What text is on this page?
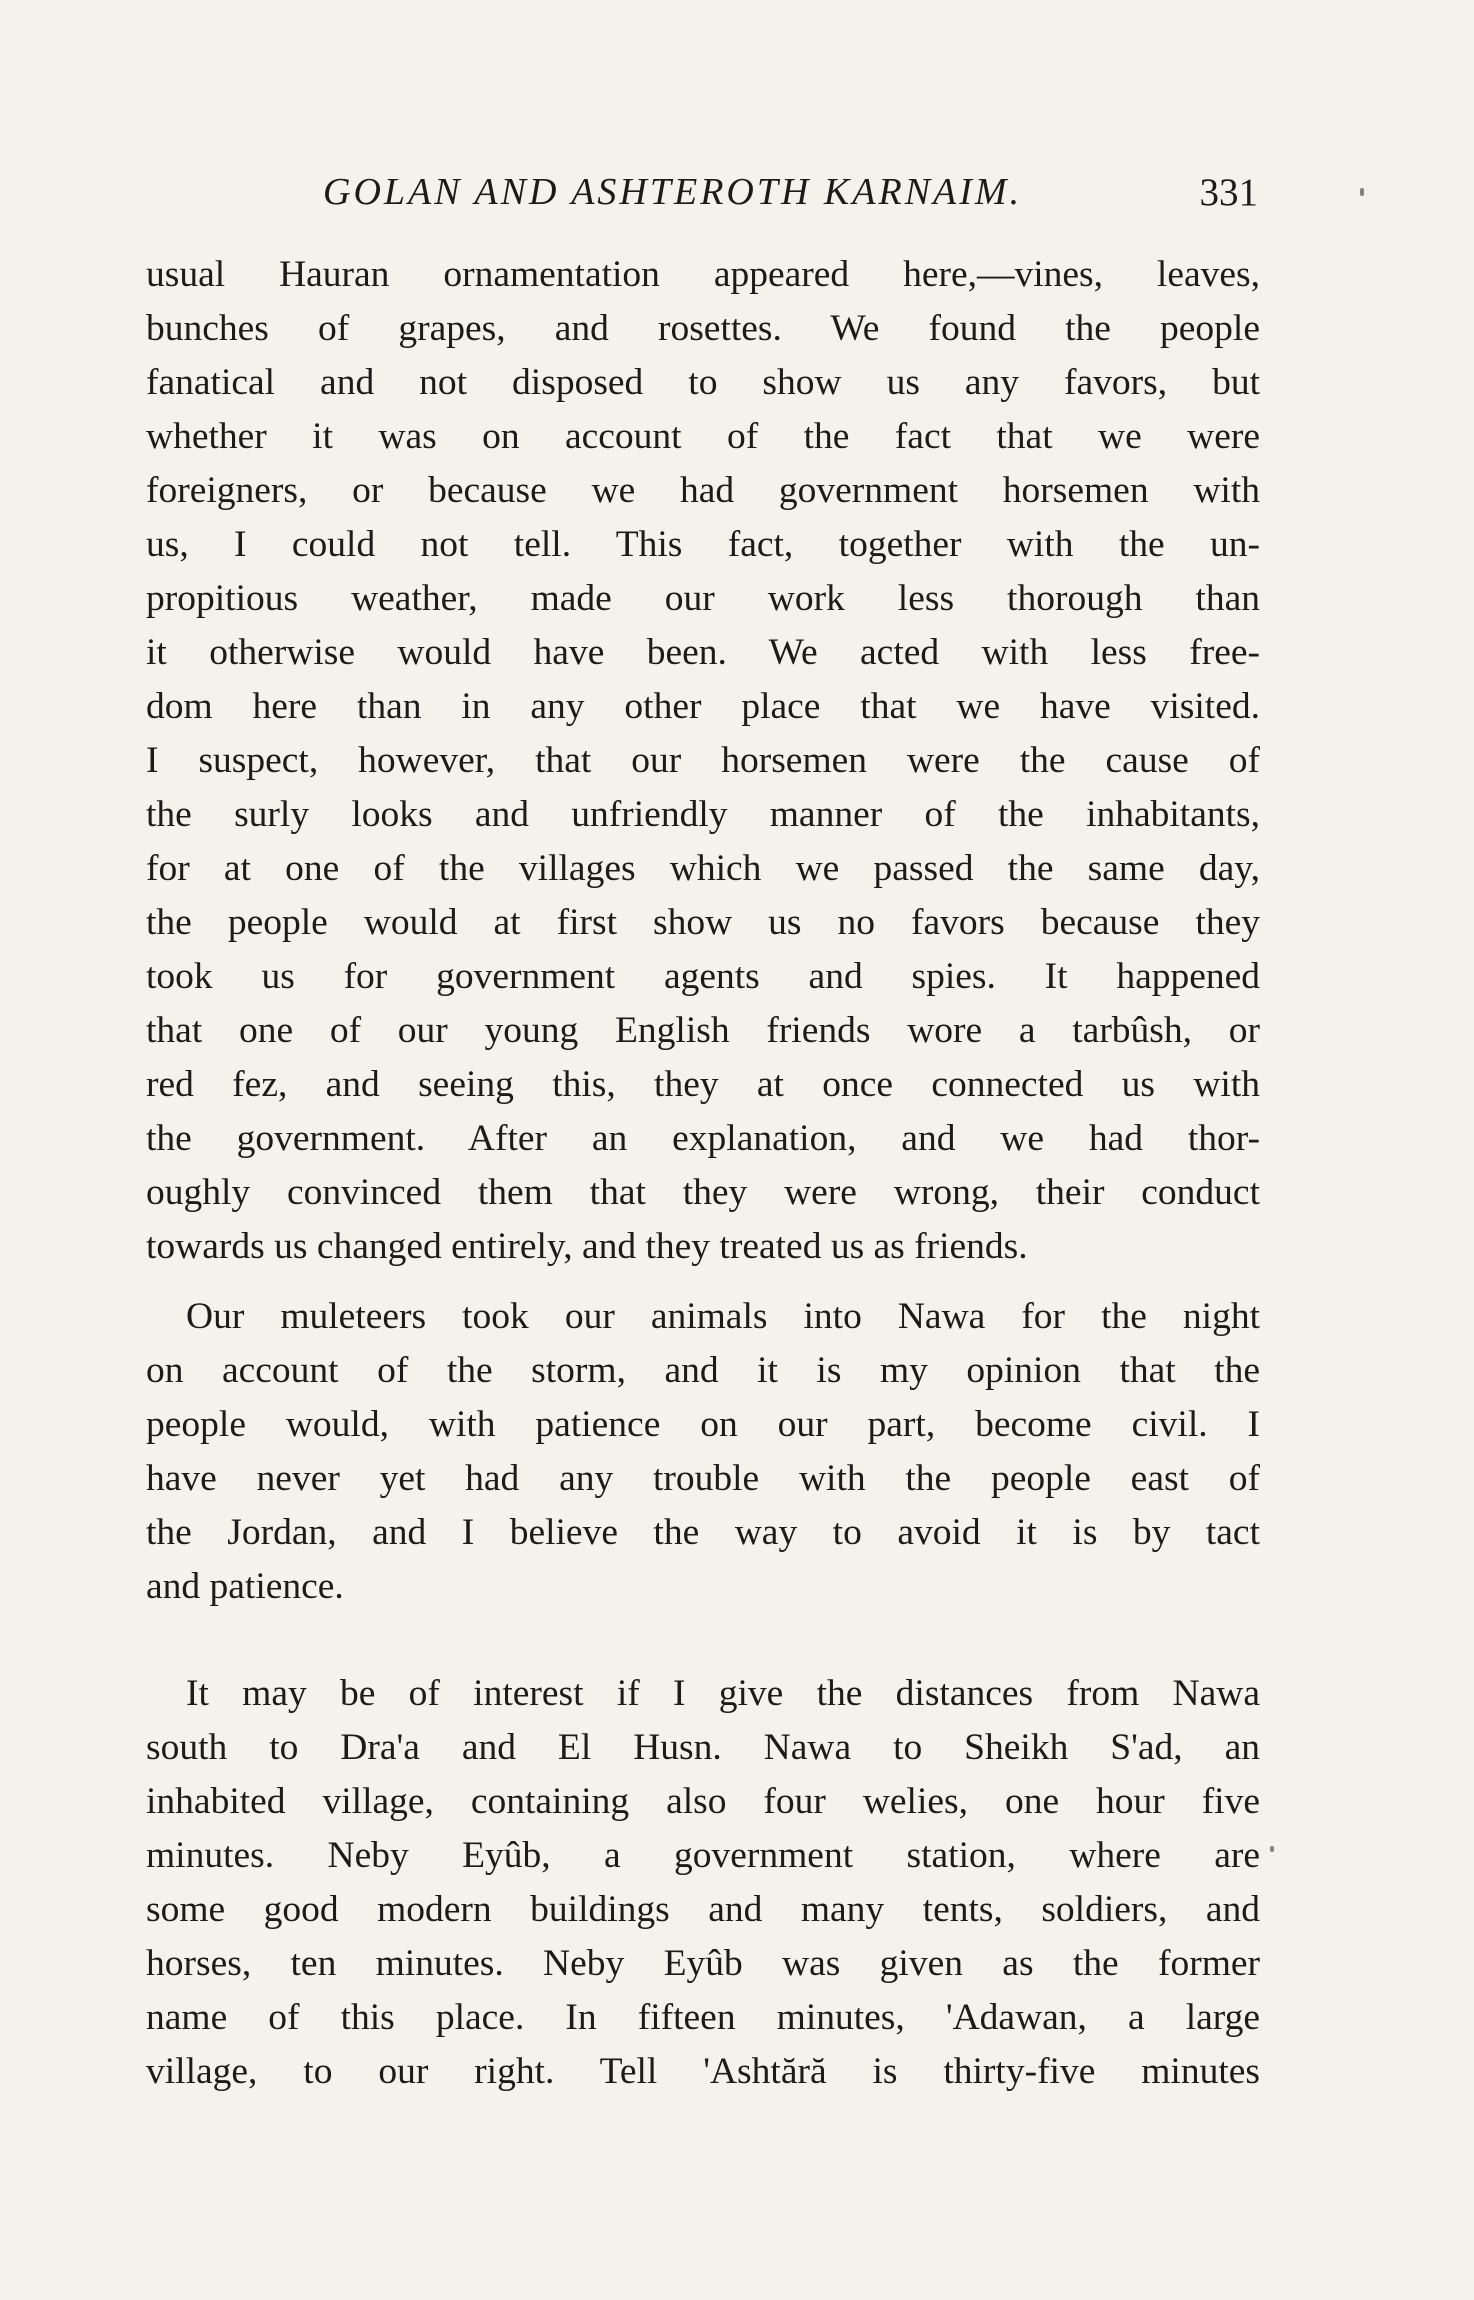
GOLAN AND ASHTEROTH KARNAIM.	331
usual Hauran ornamentation appeared here,—vines, leaves,
bunches of grapes, and rosettes. We found the people
fanatical and not disposed to show us any favors, but
whether it was on account of the fact that we were
foreigners, or because we had government horsemen with
us, I could not tell. This fact, together with the un-
propitious weather, made our work less thorough than
it otherwise would have been. We acted with less free-
dom here than in any other place that we have visited.
I suspect, however, that our horsemen were the cause of
the surly looks and unfriendly manner of the inhabitants,
for at one of the villages which we passed the same day,
the people would at first show us no favors because they
took us for government agents and spies. It happened
that one of our young English friends wore a tarbûsh, or
red fez, and seeing this, they at once connected us with
the government. After an explanation, and we had thor-
oughly convinced them that they were wrong, their conduct
towards us changed entirely, and they treated us as friends.
Our muleteers took our animals into Nawa for the night
on account of the storm, and it is my opinion that the
people would, with patience on our part, become civil. I
have never yet had any trouble with the people east of
the Jordan, and I believe the way to avoid it is by tact
and patience.
It may be of interest if I give the distances from Nawa
south to Dra'a and El Husn. Nawa to Sheikh S'ad, an
inhabited village, containing also four welies, one hour five
minutes. Neby Eyûb, a government station, where are
some good modern buildings and many tents, soldiers, and
horses, ten minutes. Neby Eyûb was given as the former
name of this place. In fifteen minutes, 'Adawan, a large
village, to our right. Tell 'Ashtără is thirty-five minutes
